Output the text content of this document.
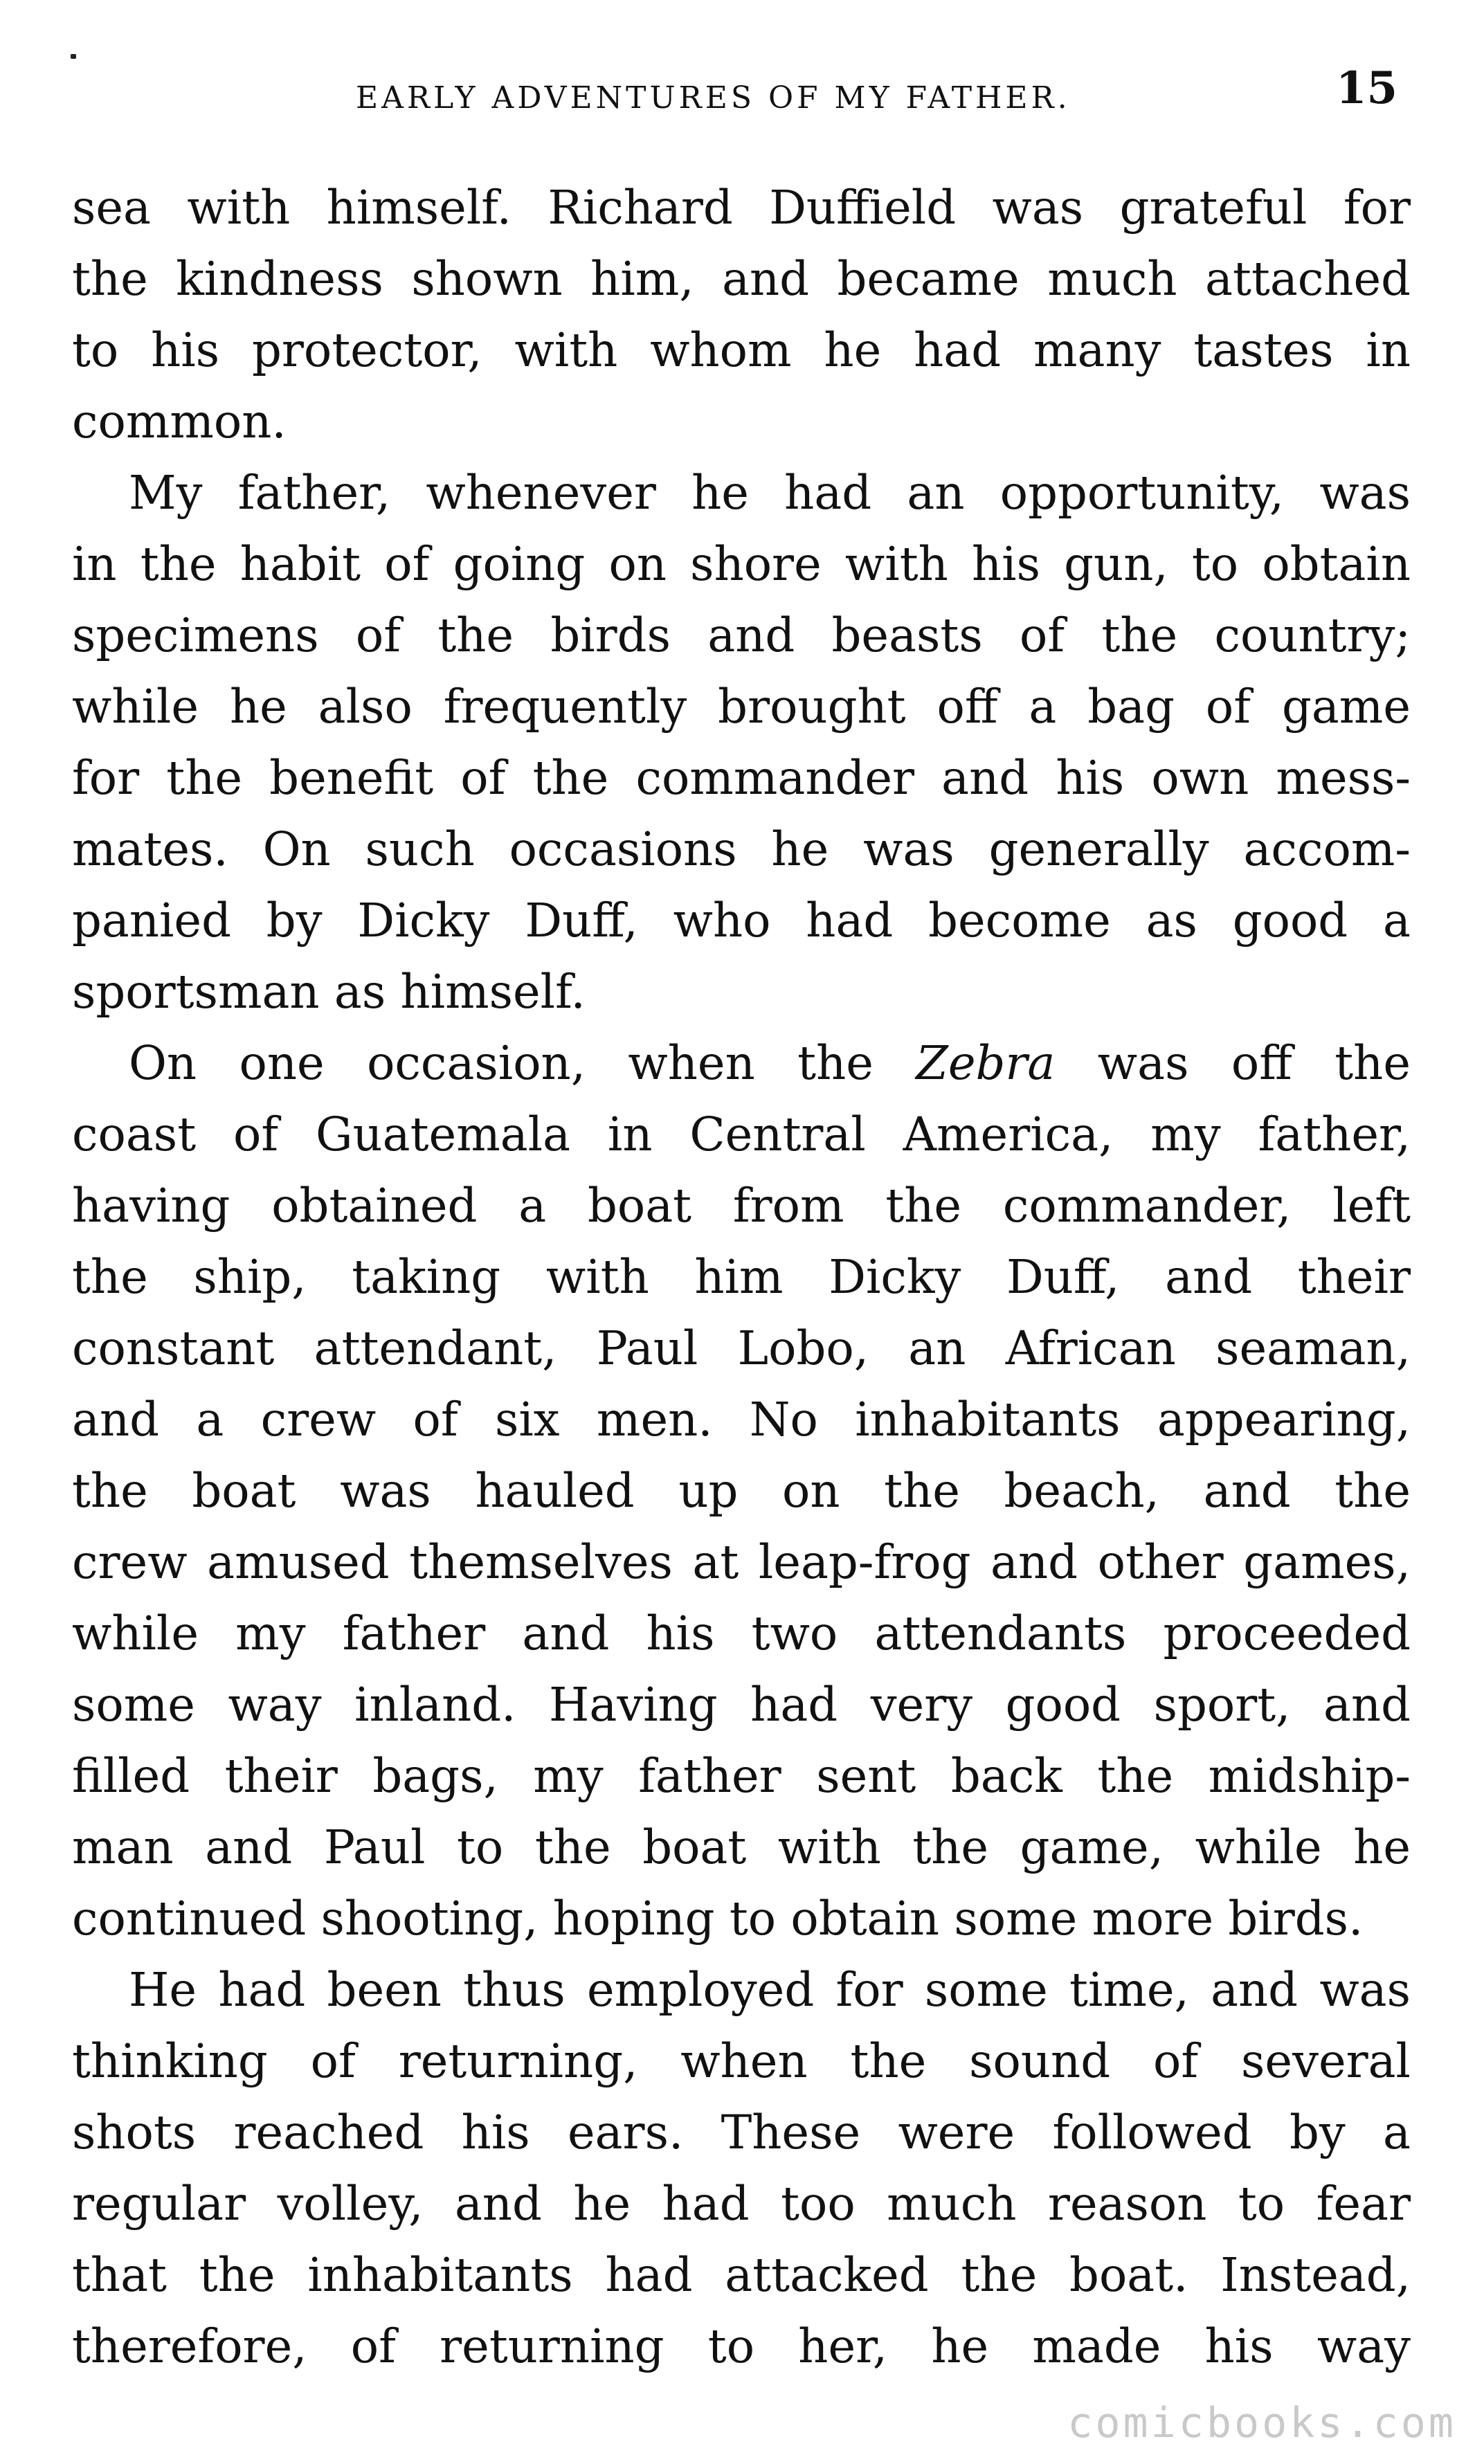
EARLY ADVENTURES OF MY FATHER.	15
sea with himself. Richard Duffield was grateful for
the kindness shown him, and became much attached
to his protector, with whom he had many tastes in
common.
My father, whenever he had an opportunity, was
in the habit of going on shore with his gun, to obtain
specimens of the birds and beasts of the country;
while he also frequently brought off a bag of game
for the benefit of the commander and his own mess-
mates. On such occasions he was generally accom-
panied by Dicky Duff, who had become as good a
sportsman as himself.
On one occasion, when the Zebra was off the
coast of Guatemala in Central America, my father,
having obtained a boat from the commander, left
the ship, taking with him Dicky Duff, and their
constant attendant, Paul Lobo, an African seaman,
and a crew of six men. No inhabitants appearing,
the boat was hauled up on the beach, and the
crew amused themselves at leap-frog and other games,
while my father and his two attendants proceeded
some way inland. Having had very good sport, and
filled their bags, my father sent back the midship-
man and Paul to the boat with the game, while he
continued shooting, hoping to obtain some more birds.
He had been thus employed for some time, and was
thinking of returning, when the sound of several
shots reached his ears. These were followed by a
regular volley, and he had too much reason to fear
that the inhabitants had attacked the boat. Instead,
therefore, of returning to her, he made his way
comicbooks.com
